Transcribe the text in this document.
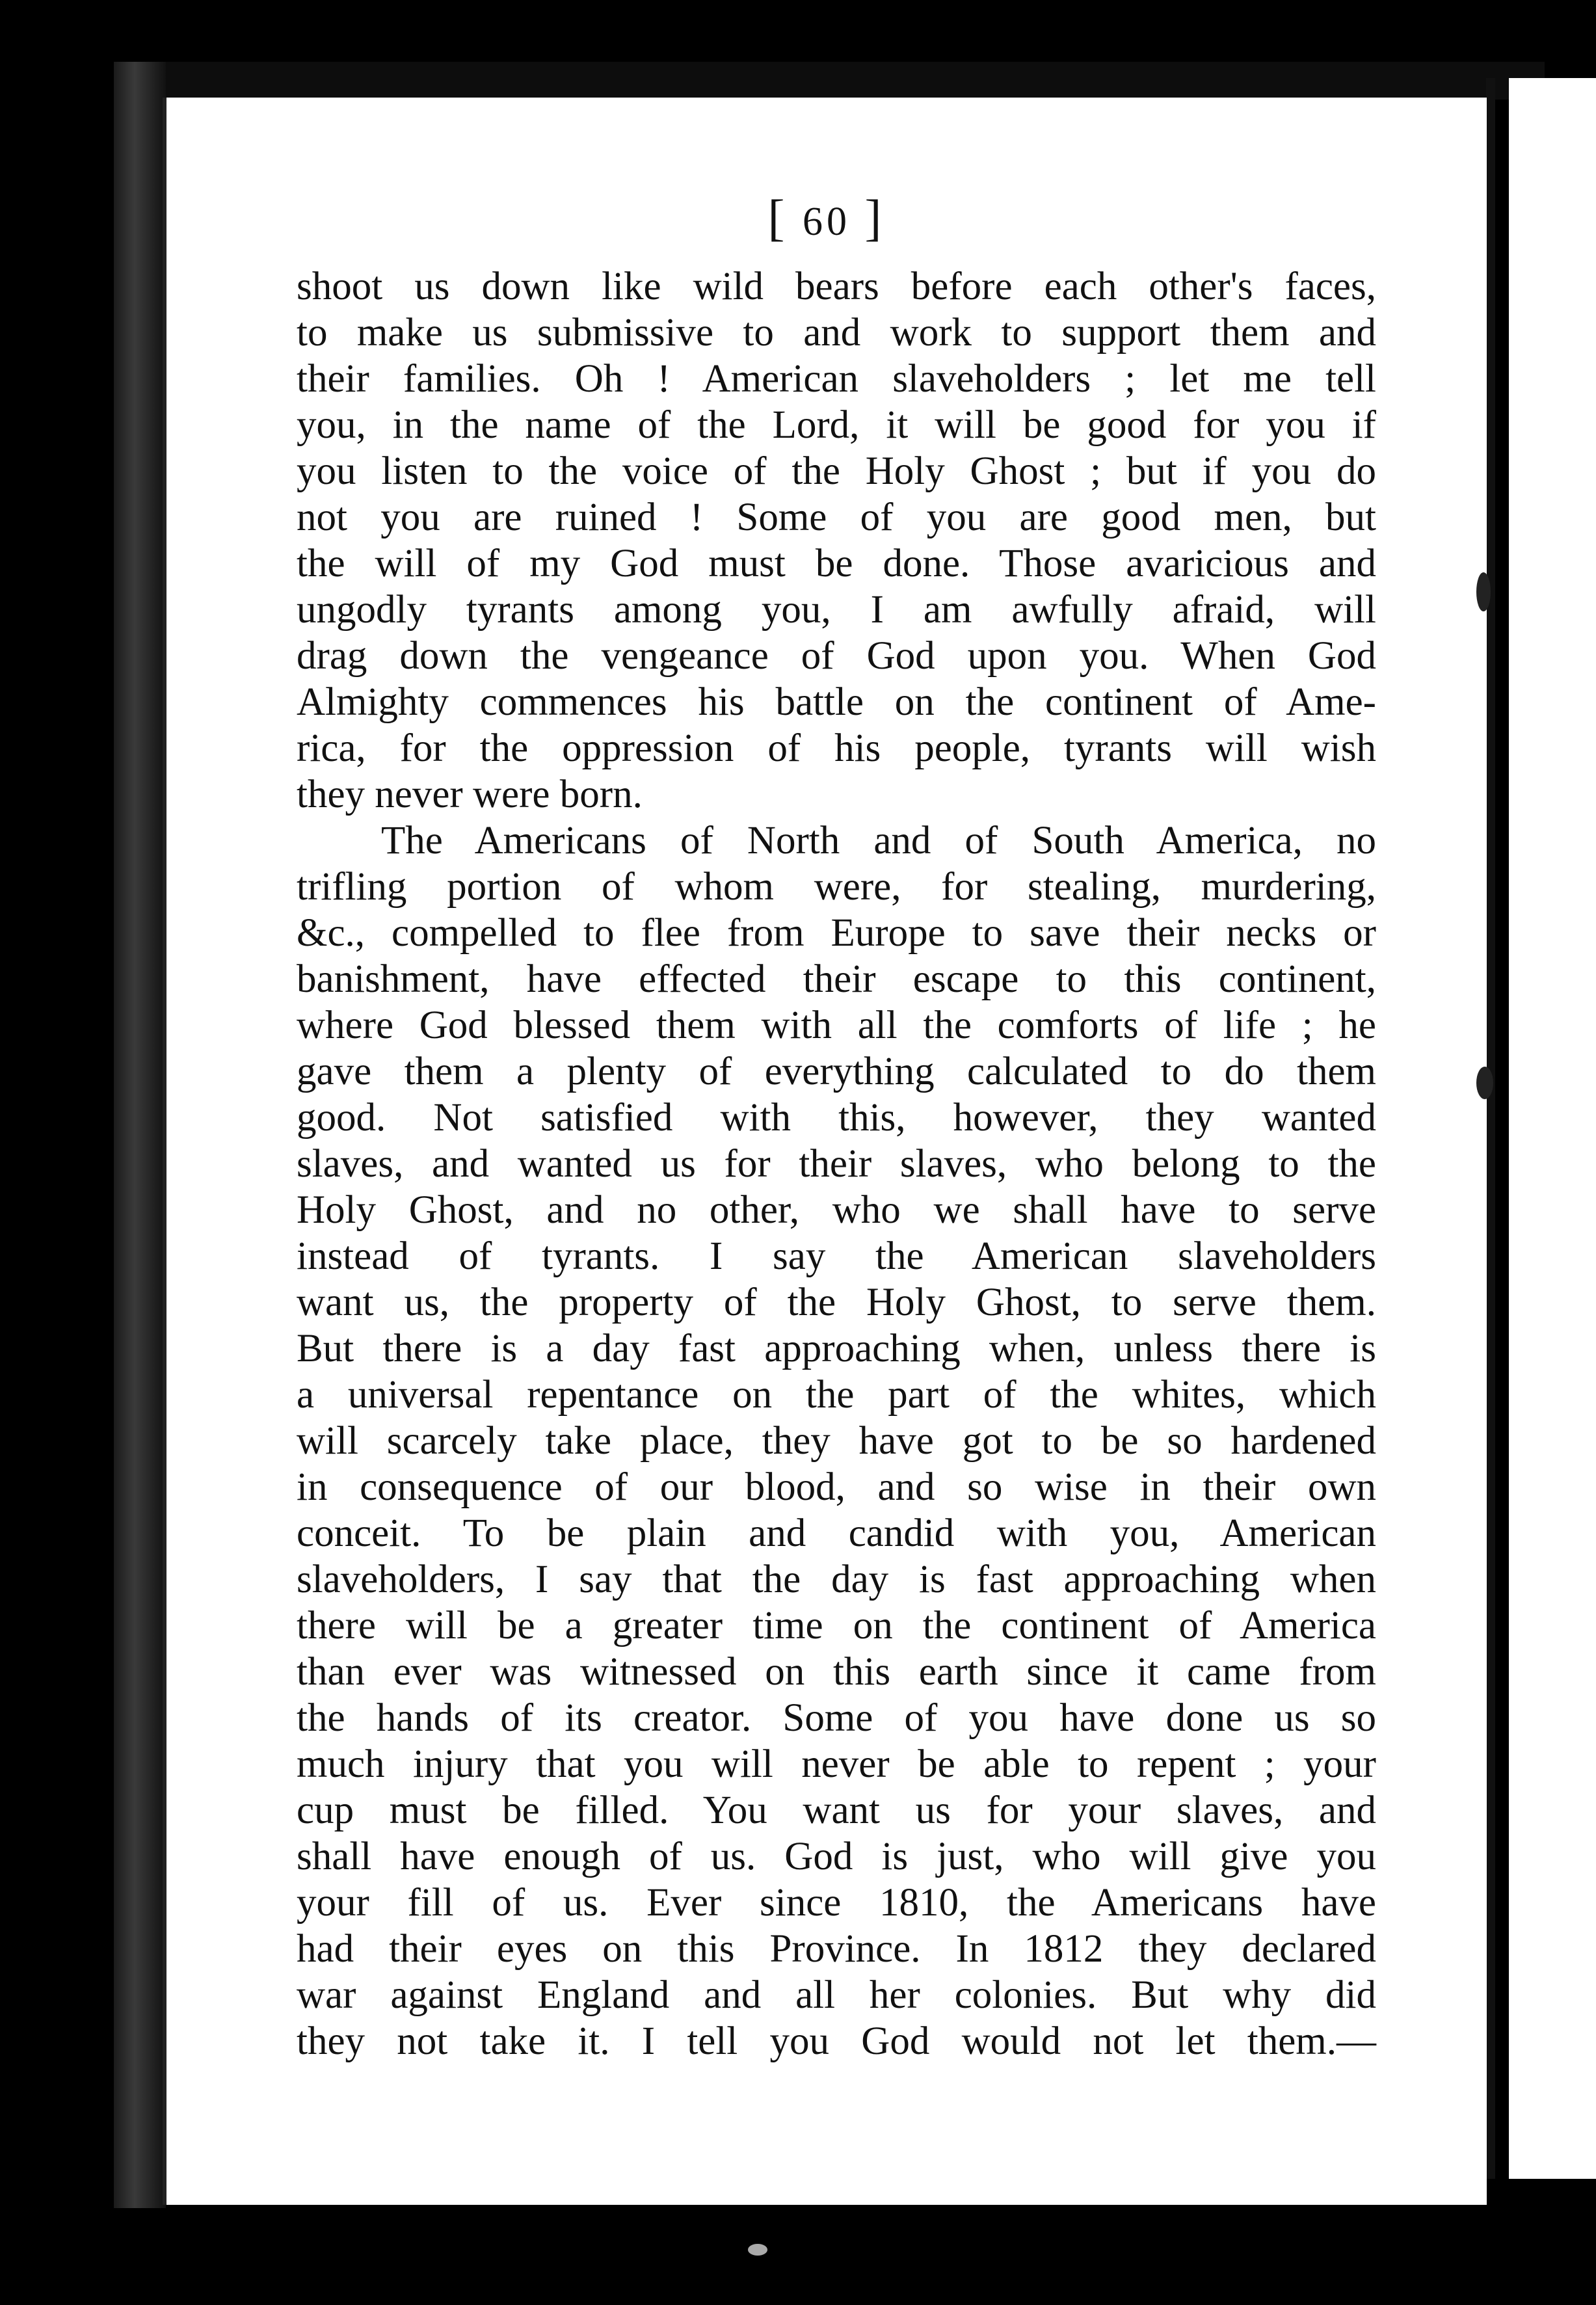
[ 60 ]
shoot us down like wild bears before each other's faces,
to make us submissive to and work to support them and
their families. Oh ! American slaveholders ; let me tell
you, in the name of the Lord, it will be good for you if
you listen to the voice of the Holy Ghost ; but if you do
not you are ruined ! Some of you are good men, but
the will of my God must be done. Those avaricious and
ungodly tyrants among you, I am awfully afraid, will
drag down the vengeance of God upon you. When God
Almighty commences his battle on the continent of Ame-
rica, for the oppression of his people, tyrants will wish
they never were born.
The Americans of North and of South America, no
trifling portion of whom were, for stealing, murdering,
&c., compelled to flee from Europe to save their necks or
banishment, have effected their escape to this continent,
where God blessed them with all the comforts of life ; he
gave them a plenty of everything calculated to do them
good. Not satisfied with this, however, they wanted
slaves, and wanted us for their slaves, who belong to the
Holy Ghost, and no other, who we shall have to serve
instead of tyrants. I say the American slaveholders
want us, the property of the Holy Ghost, to serve them.
But there is a day fast approaching when, unless there is
a universal repentance on the part of the whites, which
will scarcely take place, they have got to be so hardened
in consequence of our blood, and so wise in their own
conceit. To be plain and candid with you, American
slaveholders, I say that the day is fast approaching when
there will be a greater time on the continent of America
than ever was witnessed on this earth since it came from
the hands of its creator. Some of you have done us so
much injury that you will never be able to repent ; your
cup must be filled. You want us for your slaves, and
shall have enough of us. God is just, who will give you
your fill of us. Ever since 1810, the Americans have
had their eyes on this Province. In 1812 they declared
war against England and all her colonies. But why did
they not take it. I tell you God would not let them.—
